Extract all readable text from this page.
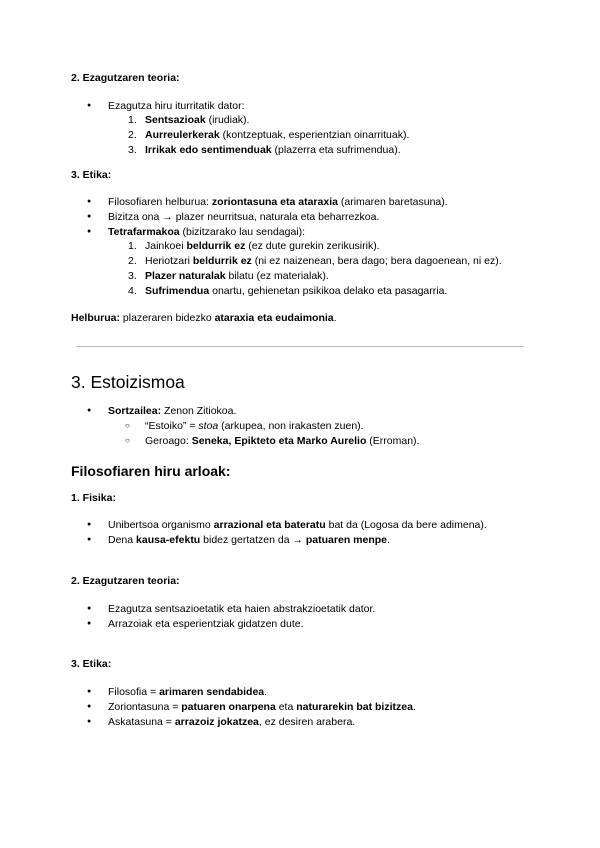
2. Ezagutzaren teoria:
● Ezagutza hiru iturritatik dator:
1. Sentsazioak (irudiak).
2. Aurreulerkerak (kontzeptuak, esperientzian oinarrituak).
3. Irrikak edo sentimenduak (plazerra eta sufrimendua).
3. Etika:
● Filosofiaren helburua: zoriontasuna eta ataraxia (arimaren baretasuna).
● Bizitza ona → plazer neurritsua, naturala eta beharrezkoa.
● Tetrafarmakoa (bizitzarako lau sendagai):
1. Jainkoei beldurrik ez (ez dute gurekin zerikusirik).
2. Heriotzari beldurrik ez (ni ez naizenean, bera dago; bera dagoenean, ni ez).
3. Plazer naturalak bilatu (ez materialak).
4. Sufrimendua onartu, gehienetan psikikoa delako eta pasagarria.
Helburua: plazeraren bidezko ataraxia eta eudaimonia.
3. Estoizismoa
● Sortzailea: Zenon Zitiokoa.
○ “Estoiko” = stoa (arkupea, non irakasten zuen).
○ Geroago: Seneka, Epikteto eta Marko Aurelio (Erroman).
Filosofiaren hiru arloak:
1. Fisika:
● Unibertsoa organismo arrazional eta bateratu bat da (Logosa da bere adimena).
● Dena kausa-efektu bidez gertatzen da → patuaren menpe.
2. Ezagutzaren teoria:
● Ezagutza sentsazioetatik eta haien abstrakzioetatik dator.
● Arrazoiak eta esperientziak gidatzen dute.
3. Etika:
● Filosofia = arimaren sendabidea.
● Zoriontasuna = patuaren onarpena eta naturarekin bat bizitzea.
● Askatasuna = arrazoiz jokatzea, ez desiren arabera.
